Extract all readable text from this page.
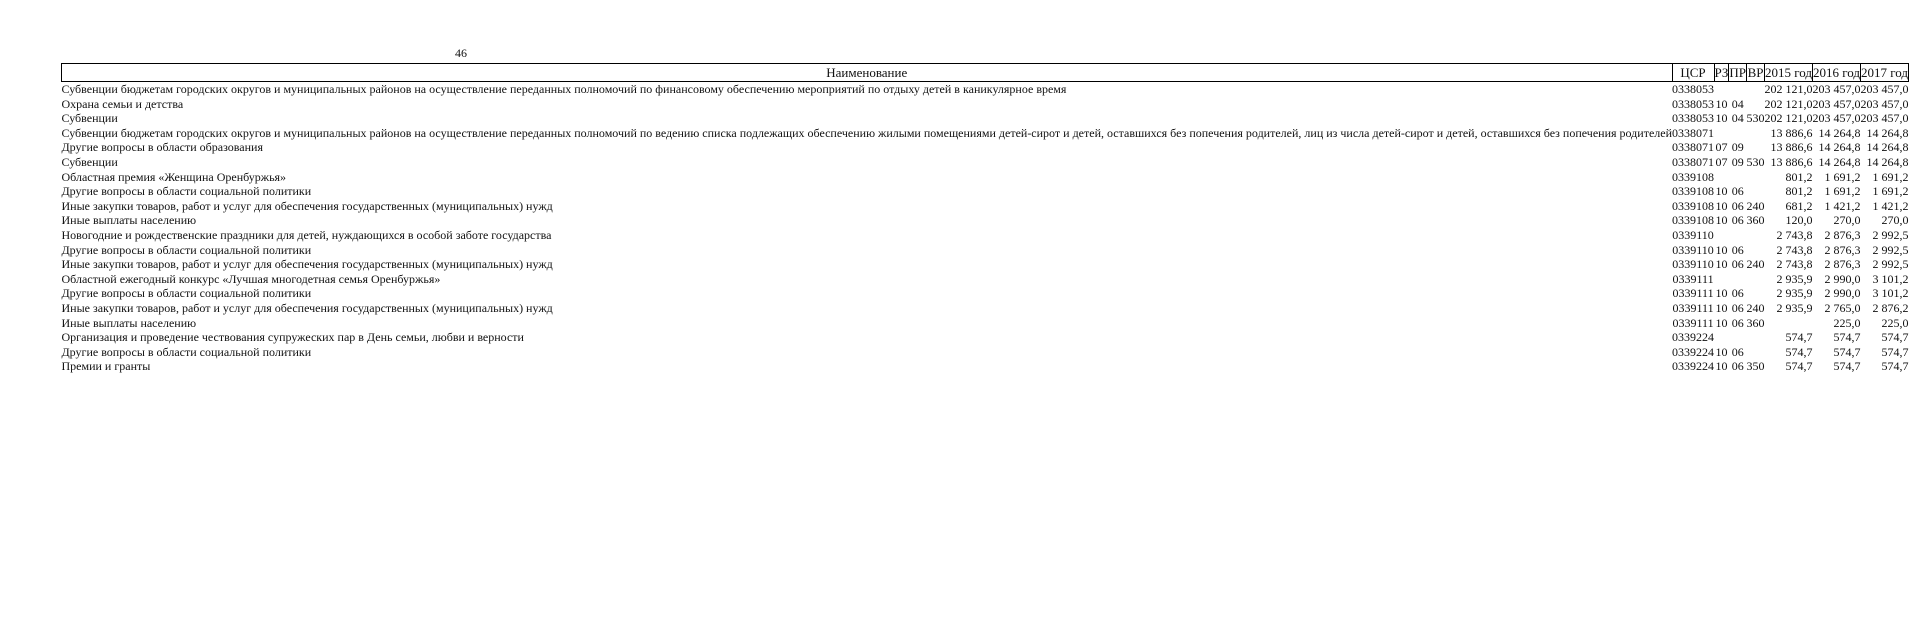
46
Наименование	ЦСР	РЗ	ПР	ВР	2015 год	2016 год	2017 год
Субвенции бюджетам городских округов и муниципальных районов на осуществление переданных полномочий по финансовому обеспечению мероприятий по отдыху детей в каникулярное время	0338053				202 121,0	203 457,0	203 457,0
Охрана семьи и детства	0338053	10	04		202 121,0	203 457,0	203 457,0
Субвенции	0338053	10	04	530	202 121,0	203 457,0	203 457,0
Субвенции бюджетам городских округов и муниципальных районов на осуществление переданных полномочий по ведению списка подлежащих обеспечению жилыми помещениями детей-сирот и детей, оставшихся без попечения родителей, лиц из числа детей-сирот и детей, оставшихся без попечения родителей	0338071				13 886,6	14 264,8	14 264,8
Другие вопросы в области образования	0338071	07	09		13 886,6	14 264,8	14 264,8
Субвенции	0338071	07	09	530	13 886,6	14 264,8	14 264,8
Областная премия «Женщина Оренбуржья»	0339108				801,2	1 691,2	1 691,2
Другие вопросы в области социальной политики	0339108	10	06		801,2	1 691,2	1 691,2
Иные закупки товаров, работ и услуг для обеспечения государственных (муниципальных) нужд	0339108	10	06	240	681,2	1 421,2	1 421,2
Иные выплаты населению	0339108	10	06	360	120,0	270,0	270,0
Новогодние и рождественские праздники для детей, нуждающихся в особой заботе государства	0339110				2 743,8	2 876,3	2 992,5
Другие вопросы в области социальной политики	0339110	10	06		2 743,8	2 876,3	2 992,5
Иные закупки товаров, работ и услуг для обеспечения государственных (муниципальных) нужд	0339110	10	06	240	2 743,8	2 876,3	2 992,5
Областной ежегодный конкурс «Лучшая многодетная семья Оренбуржья»	0339111				2 935,9	2 990,0	3 101,2
Другие вопросы в области социальной политики	0339111	10	06		2 935,9	2 990,0	3 101,2
Иные закупки товаров, работ и услуг для обеспечения государственных (муниципальных) нужд	0339111	10	06	240	2 935,9	2 765,0	2 876,2
Иные выплаты населению	0339111	10	06	360		225,0	225,0
Организация и проведение чествования супружеских пар в День семьи, любви и верности	0339224				574,7	574,7	574,7
Другие вопросы в области социальной политики	0339224	10	06		574,7	574,7	574,7
Премии и гранты	0339224	10	06	350	574,7	574,7	574,7
